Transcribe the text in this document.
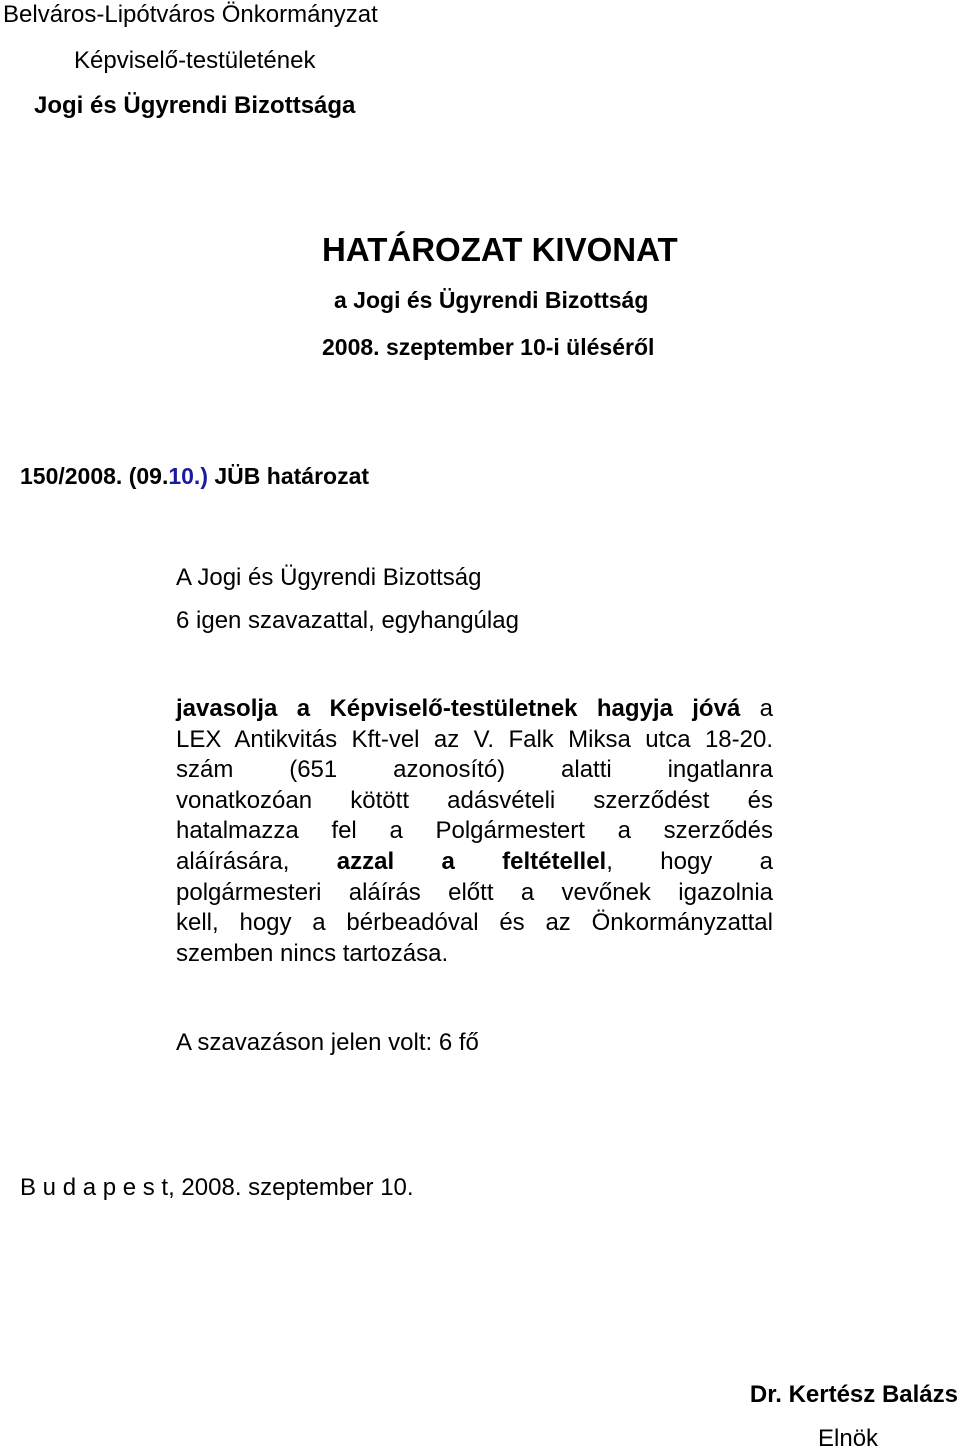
Belváros-Lipótváros Önkormányzat
Képviselő-testületének
Jogi és Ügyrendi Bizottsága
HATÁROZAT KIVONAT
a Jogi és Ügyrendi Bizottság
2008. szeptember 10-i üléséről
150/2008. (09.10.) JÜB határozat
A Jogi és Ügyrendi Bizottság
6 igen szavazattal, egyhangúlag
javasolja a Képviselő-testületnek hagyja jóvá a
LEX Antikvitás Kft-vel az V. Falk Miksa utca 18-20.
szám (651 azonosító) alatti ingatlanra
vonatkozóan kötött adásvételi szerződést és
hatalmazza fel a Polgármestert a szerződés
aláírására, azzal a feltétellel, hogy a
polgármesteri aláírás előtt a vevőnek igazolnia
kell, hogy a bérbeadóval és az Önkormányzattal
szemben nincs tartozása.
A szavazáson jelen volt: 6 fő
B u d a p e s t, 2008. szeptember 10.
Dr. Kertész Balázs
Elnök
